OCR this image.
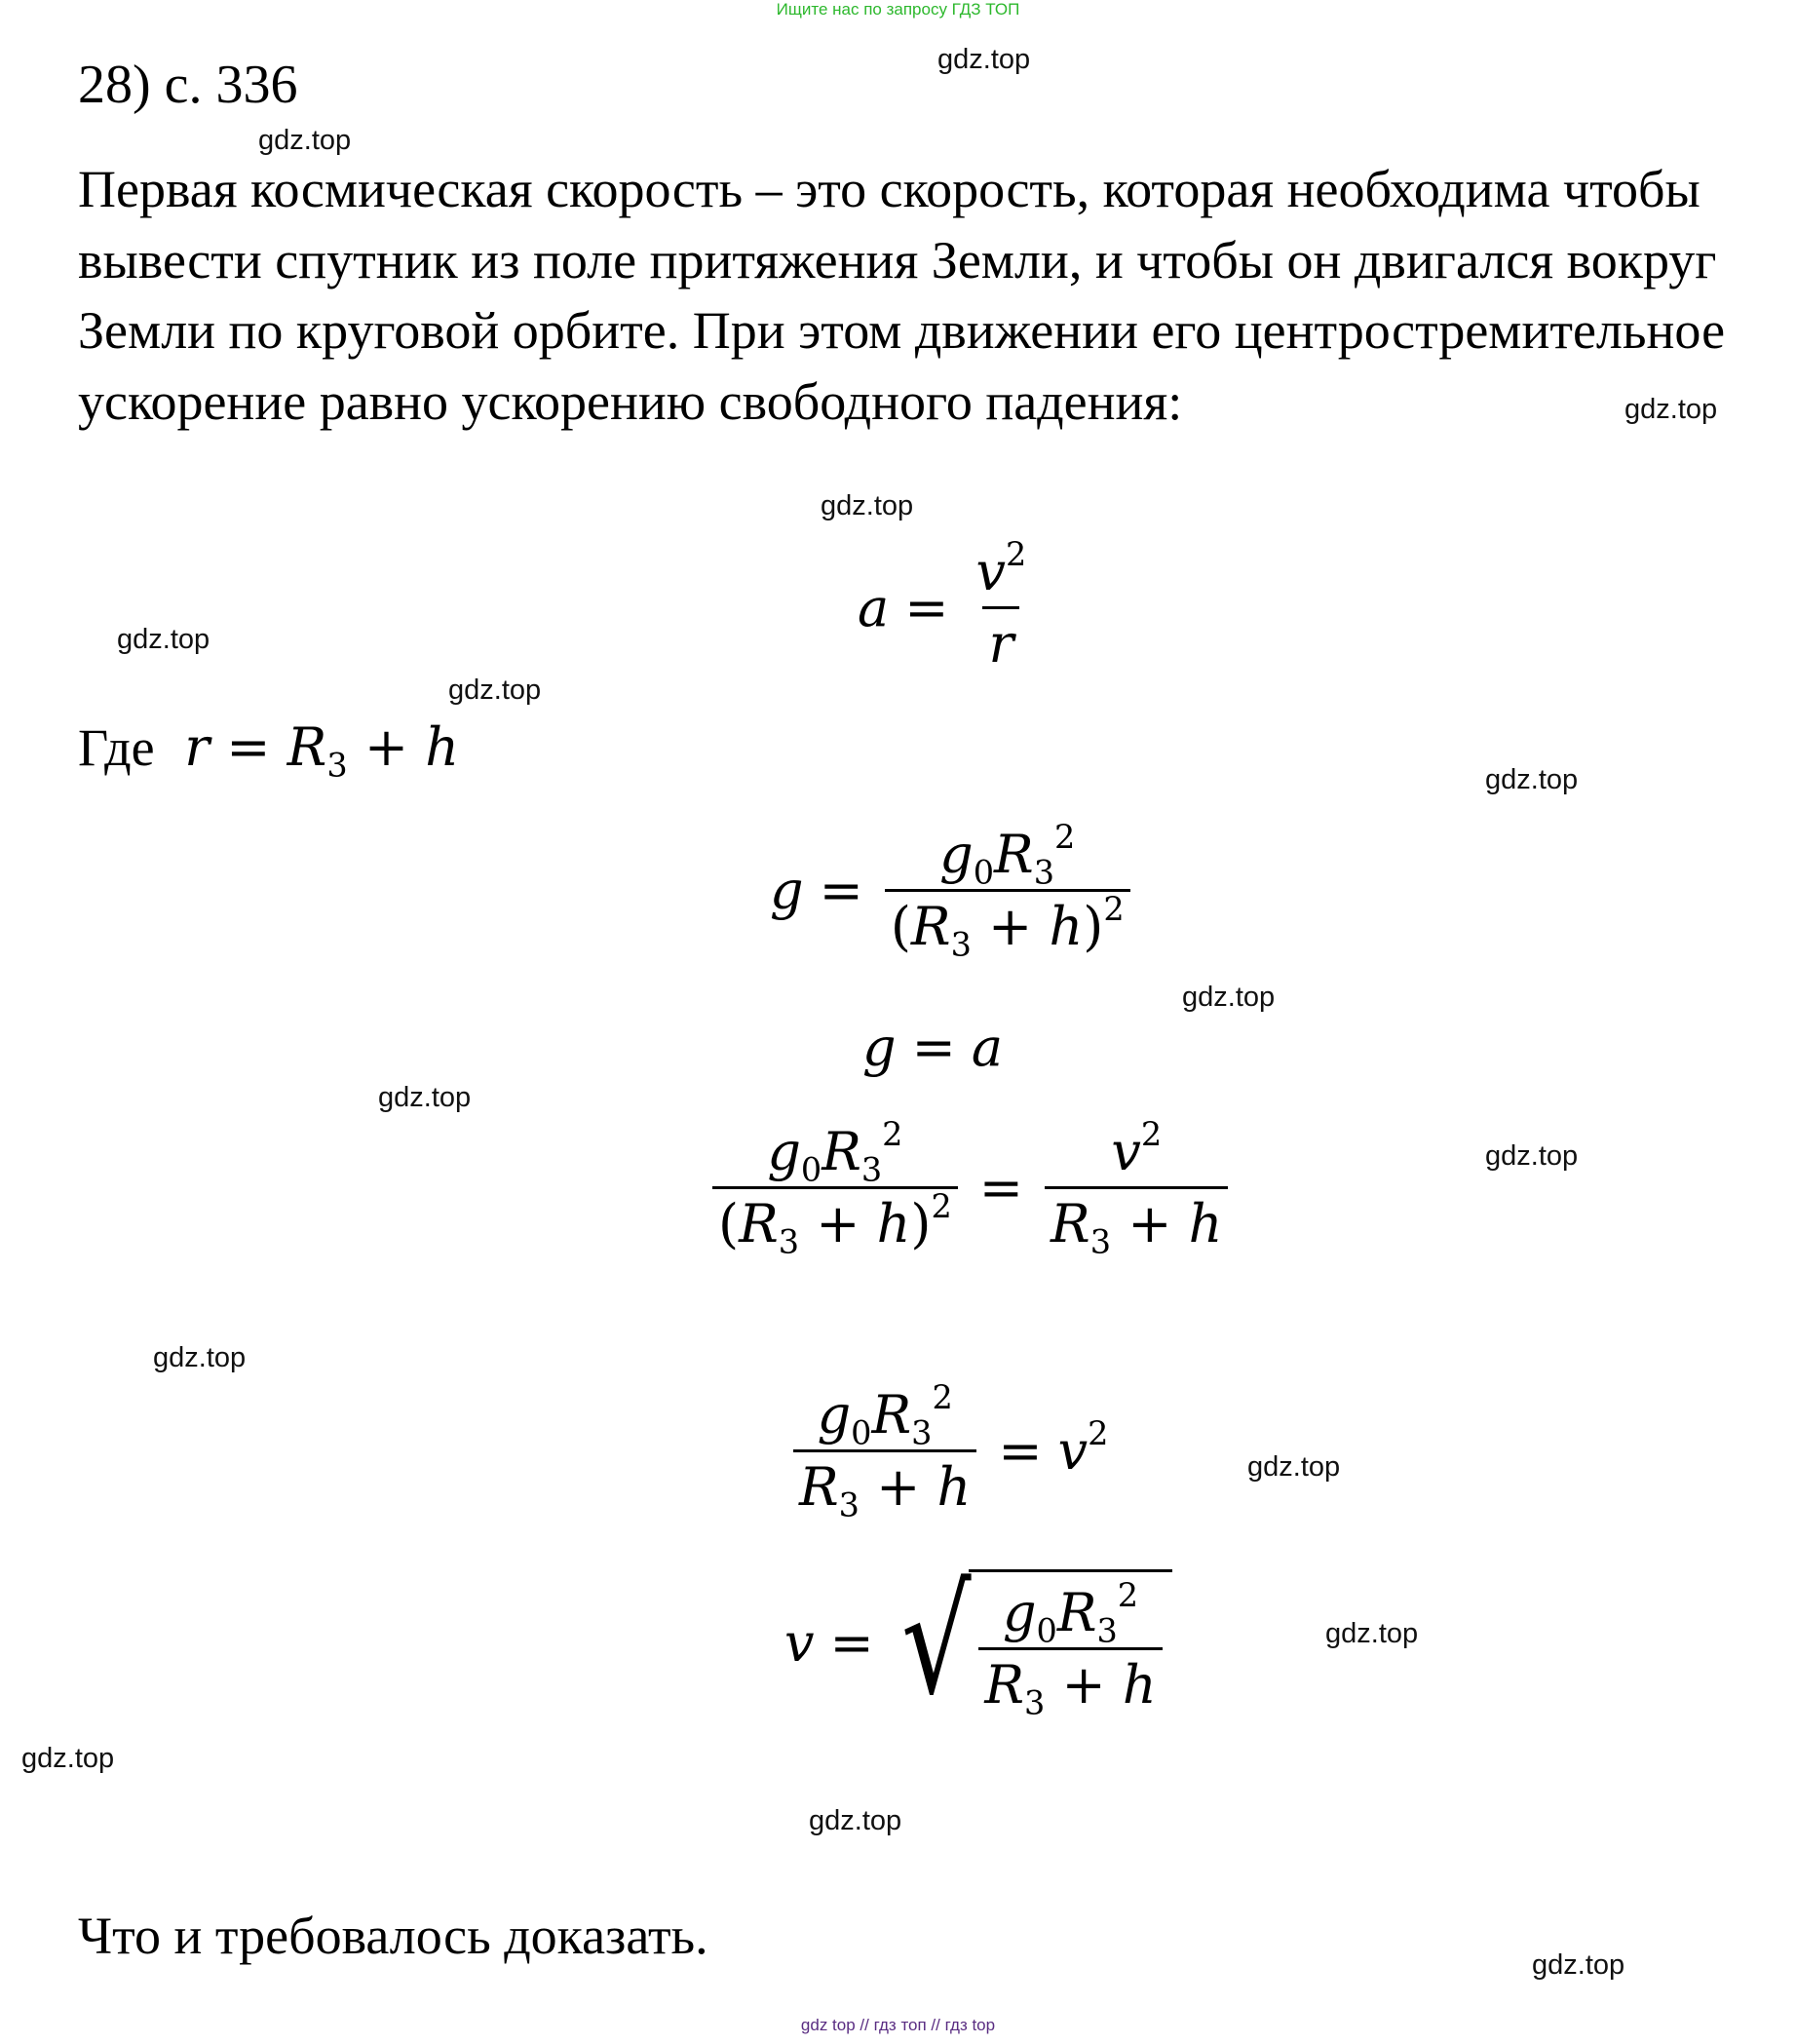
Ищите нас по запросу ГДЗ ТОП
28) с. 336
Первая космическая скорость – это скорость, которая необходима чтобы вывести спутник из поле притяжения Земли, и чтобы он двигался вокруг Земли по круговой орбите. При этом движении его центростремительное ускорение равно ускорению свободного падения:
$a = \frac{v^2}{r}$
Где  $r = R_3 + h$
$g = \frac{g_0R_3^2}{(R_3 + h)^2}$
g = a
$\frac{g_0R_3^2}{(R_3 + h)^2} = \frac{v^2}{R_3 + h}$
$\frac{g_0R_3^2}{R_3 + h} = v^2$
v = √ $\frac{g_0R_3^2}{R_3 + h}$
Что и требовалось доказать.
gdz.top
gdz.top
gdz.top
gdz.top
gdz.top
gdz.top
gdz.top
gdz.top
gdz.top
gdz.top
gdz.top
gdz.top
gdz.top
gdz.top
gdz.top
gdz.top
gdz top // гдз топ // гдз top
